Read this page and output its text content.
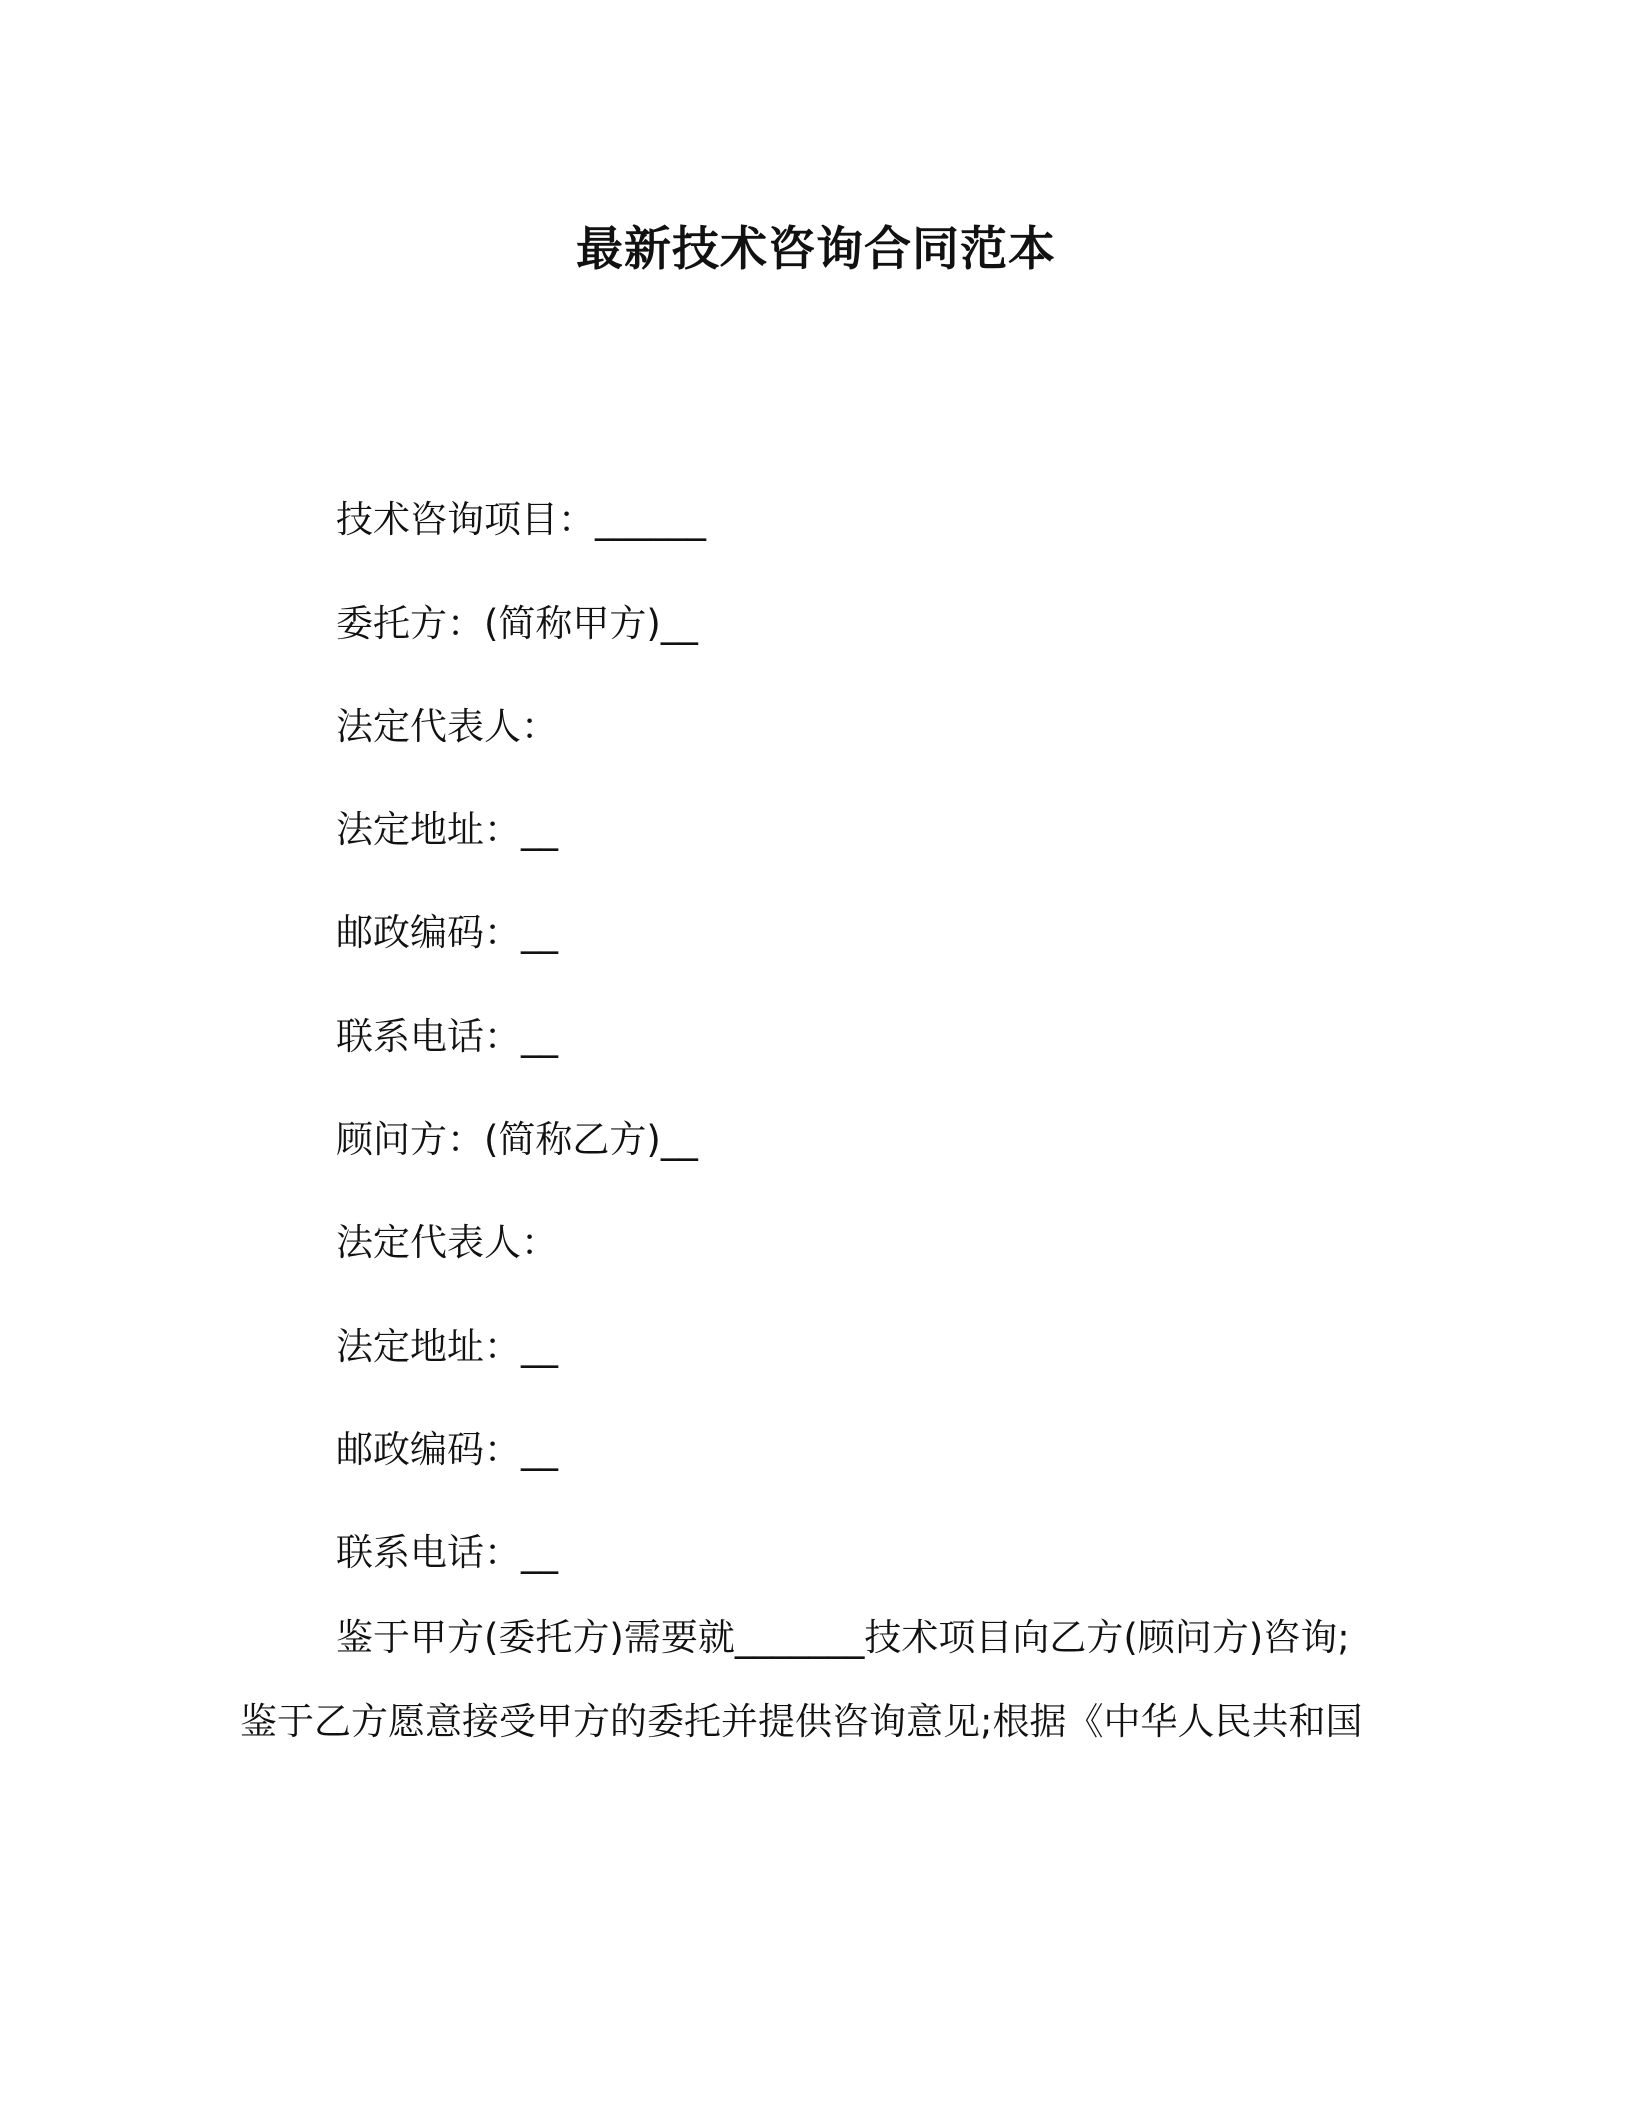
最新技术咨询合同范本
技术咨询项目：______
委托方：(简称甲方)__
法定代表人：
法定地址：__
邮政编码：__
联系电话：__
顾问方：(简称乙方)__
法定代表人：
法定地址：__
邮政编码：__
联系电话：__
鉴于甲方(委托方)需要就_______技术项目向乙方(顾问方)咨询;
鉴于乙方愿意接受甲方的委托并提供咨询意见;根据《中华人民共和国
